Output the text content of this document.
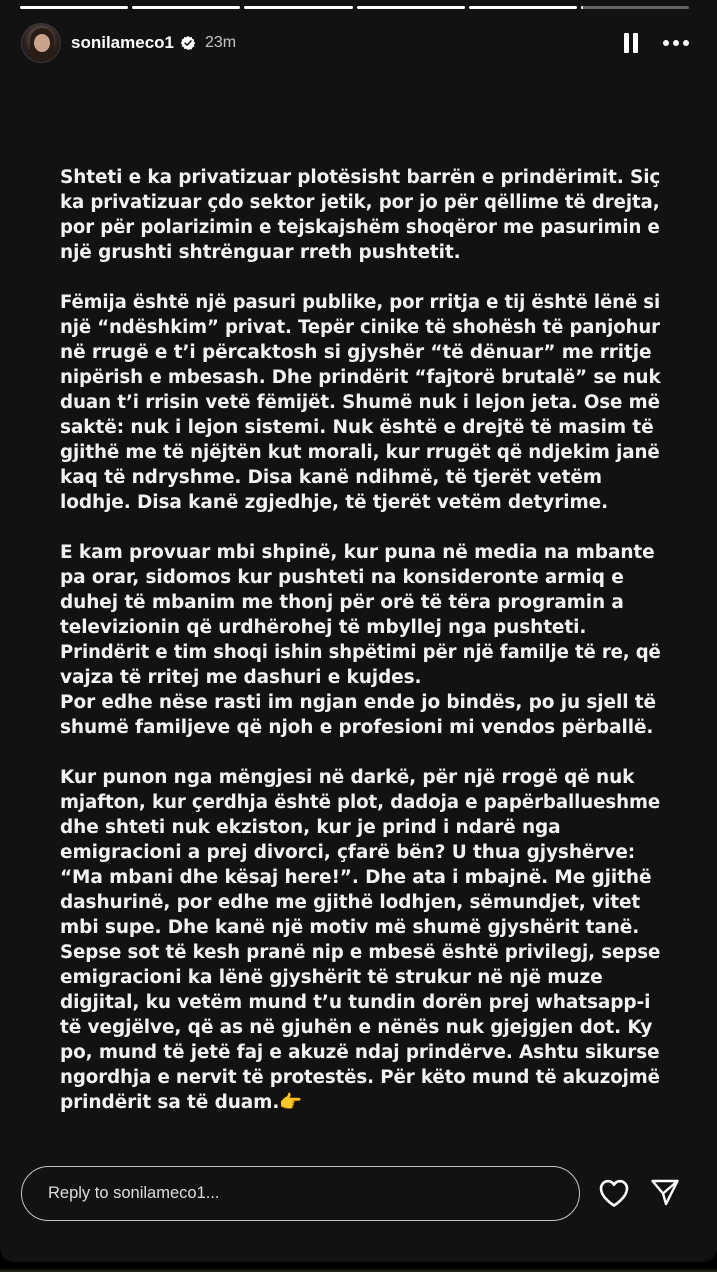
sonilameco1 23m

Shteti e ka privatizuar plotësisht barrën e prindërimit. Siç
ka privatizuar çdo sektor jetik, por jo për qëllime të drejta,
por për polarizimin e tejskajshëm shoqëror me pasurimin e
një grushti shtrënguar rreth pushtetit.

Fëmija është një pasuri publike, por rritja e tij është lënë si
një “ndëshkim” privat. Tepër cinike të shohësh të panjohur
në rrugë e t’i përcaktosh si gjyshër “të dënuar” me rritje
nipërish e mbesash. Dhe prindërit “fajtorë brutalë” se nuk
duan t’i rrisin vetë fëmijët. Shumë nuk i lejon jeta. Ose më
saktë: nuk i lejon sistemi. Nuk është e drejtë të masim të
gjithë me të njëjtën kut morali, kur rrugët që ndjekim janë
kaq të ndryshme. Disa kanë ndihmë, të tjerët vetëm
lodhje. Disa kanë zgjedhje, të tjerët vetëm detyrime.

E kam provuar mbi shpinë, kur puna në media na mbante
pa orar, sidomos kur pushteti na konsideronte armiq e
duhej të mbanim me thonj për orë të tëra programin a
televizionin që urdhërohej të mbyllej nga pushteti.
Prindërit e tim shoqi ishin shpëtimi për një familje të re, që
vajza të rritej me dashuri e kujdes.
Por edhe nëse rasti im ngjan ende jo bindës, po ju sjell të
shumë familjeve që njoh e profesioni mi vendos përballë.

Kur punon nga mëngjesi në darkë, për një rrogë që nuk
mjafton, kur çerdhja është plot, dadoja e papërballueshme
dhe shteti nuk ekziston, kur je prind i ndarë nga
emigracioni a prej divorci, çfarë bën? U thua gjyshërve:
“Ma mbani dhe kësaj here!”. Dhe ata i mbajnë. Me gjithë
dashurinë, por edhe me gjithë lodhjen, sëmundjet, vitet
mbi supe. Dhe kanë një motiv më shumë gjyshërit tanë.
Sepse sot të kesh pranë nip e mbesë është privilegj, sepse
emigracioni ka lënë gjyshërit të strukur në një muze
digjital, ku vetëm mund t’u tundin dorën prej whatsapp-i
të vegjëlve, që as në gjuhën e nënës nuk gjejgjen dot. Ky
po, mund të jetë faj e akuzë ndaj prindërve. Ashtu sikurse
ngordhja e nervit të protestës. Për këto mund të akuzojmë
prindërit sa të duam.👉

Reply to sonilameco1...
